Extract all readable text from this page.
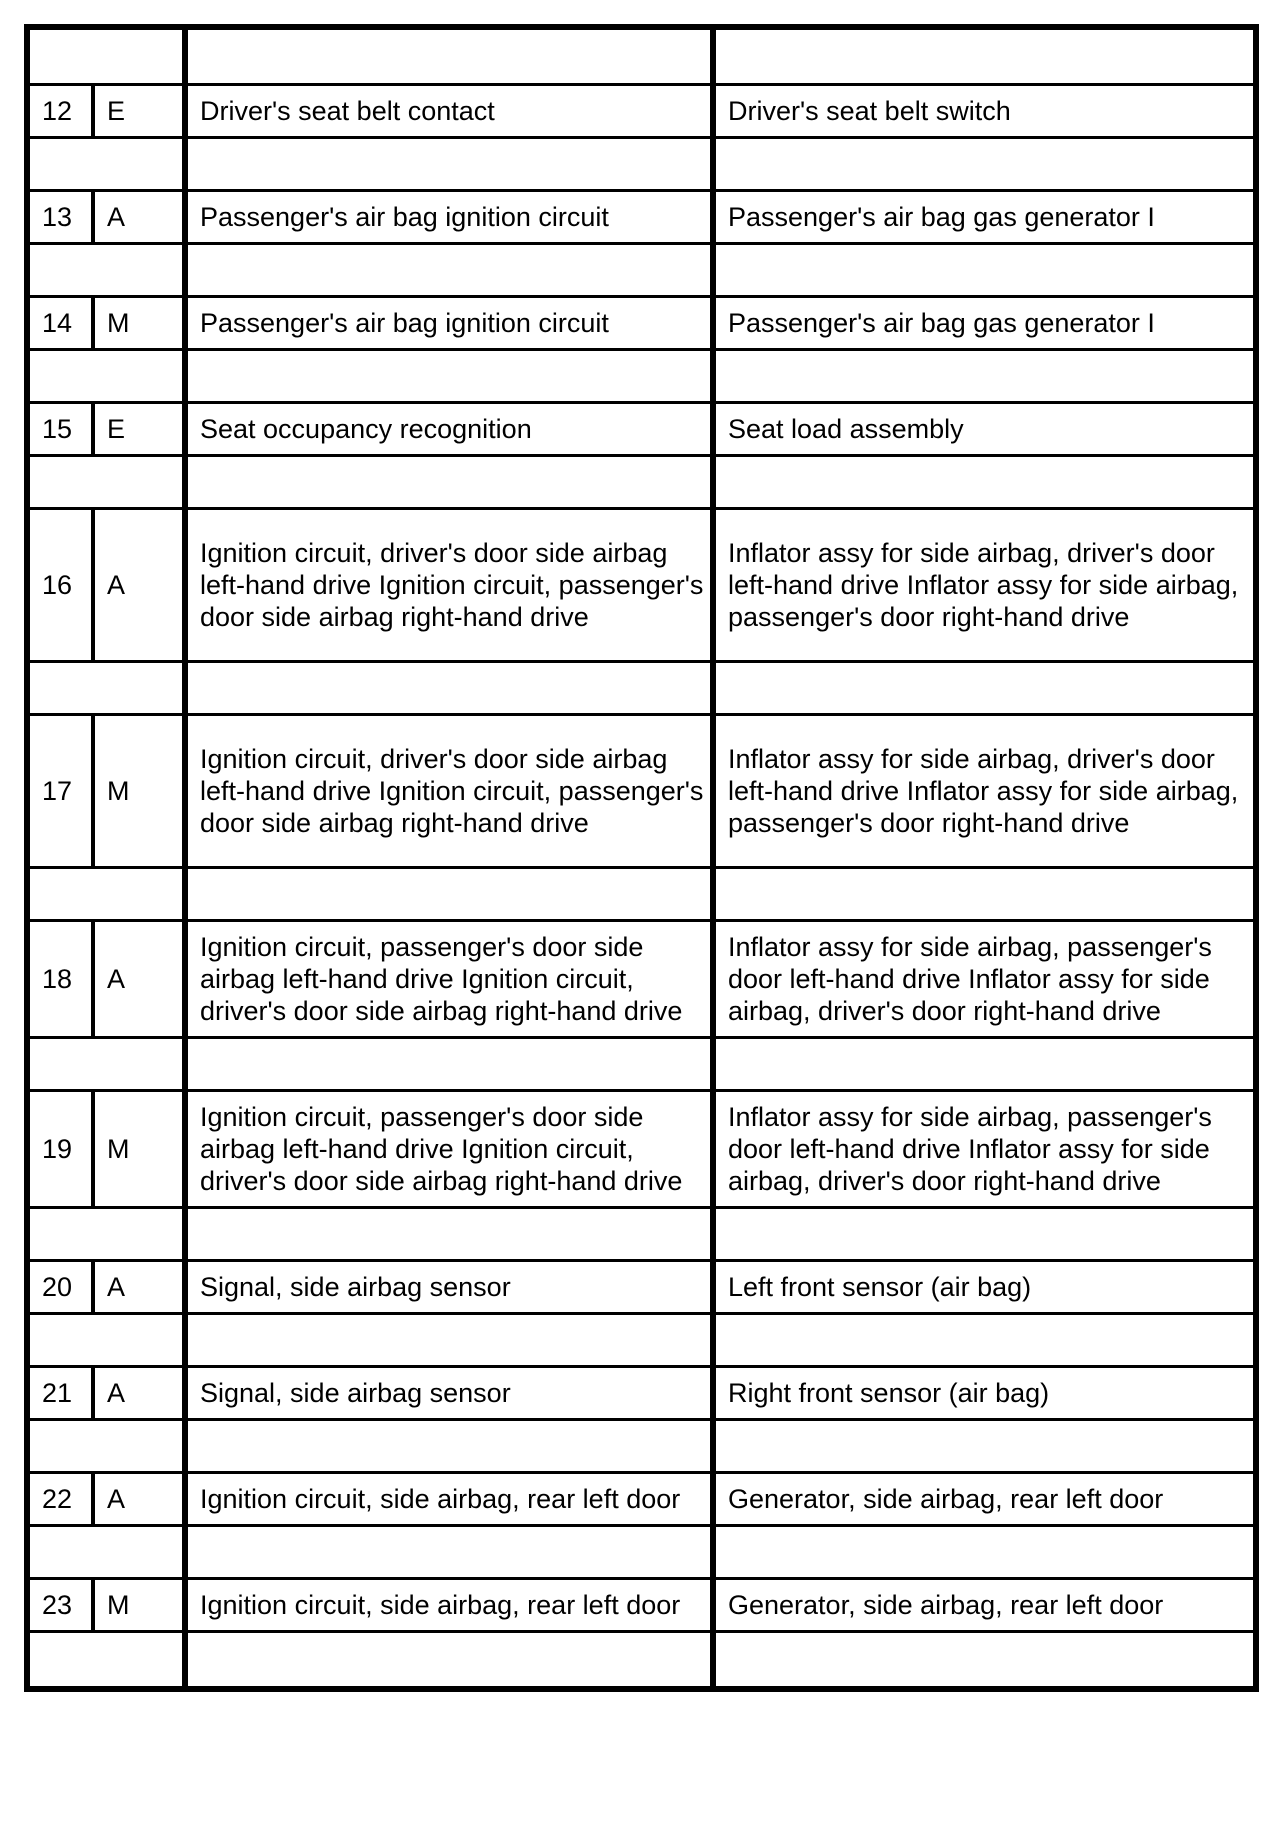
12	E	Driver's seat belt contact	Driver's seat belt switch

13	A	Passenger's air bag ignition circuit	Passenger's air bag gas generator I

14	M	Passenger's air bag ignition circuit	Passenger's air bag gas generator I

15	E	Seat occupancy recognition	Seat load assembly

16	A	Ignition circuit, driver's door side airbag left-hand drive Ignition circuit, passenger's door side airbag right-hand drive	Inflator assy for side airbag, driver's door left-hand drive Inflator assy for side airbag, passenger's door right-hand drive

17	M	Ignition circuit, driver's door side airbag left-hand drive Ignition circuit, passenger's door side airbag right-hand drive	Inflator assy for side airbag, driver's door left-hand drive Inflator assy for side airbag, passenger's door right-hand drive

18	A	Ignition circuit, passenger's door side airbag left-hand drive Ignition circuit, driver's door side airbag right-hand drive	Inflator assy for side airbag, passenger's door left-hand drive Inflator assy for side airbag, driver's door right-hand drive

19	M	Ignition circuit, passenger's door side airbag left-hand drive Ignition circuit, driver's door side airbag right-hand drive	Inflator assy for side airbag, passenger's door left-hand drive Inflator assy for side airbag, driver's door right-hand drive

20	A	Signal, side airbag sensor	Left front sensor (air bag)

21	A	Signal, side airbag sensor	Right front sensor (air bag)

22	A	Ignition circuit, side airbag, rear left door	Generator, side airbag, rear left door

23	M	Ignition circuit, side airbag, rear left door	Generator, side airbag, rear left door
